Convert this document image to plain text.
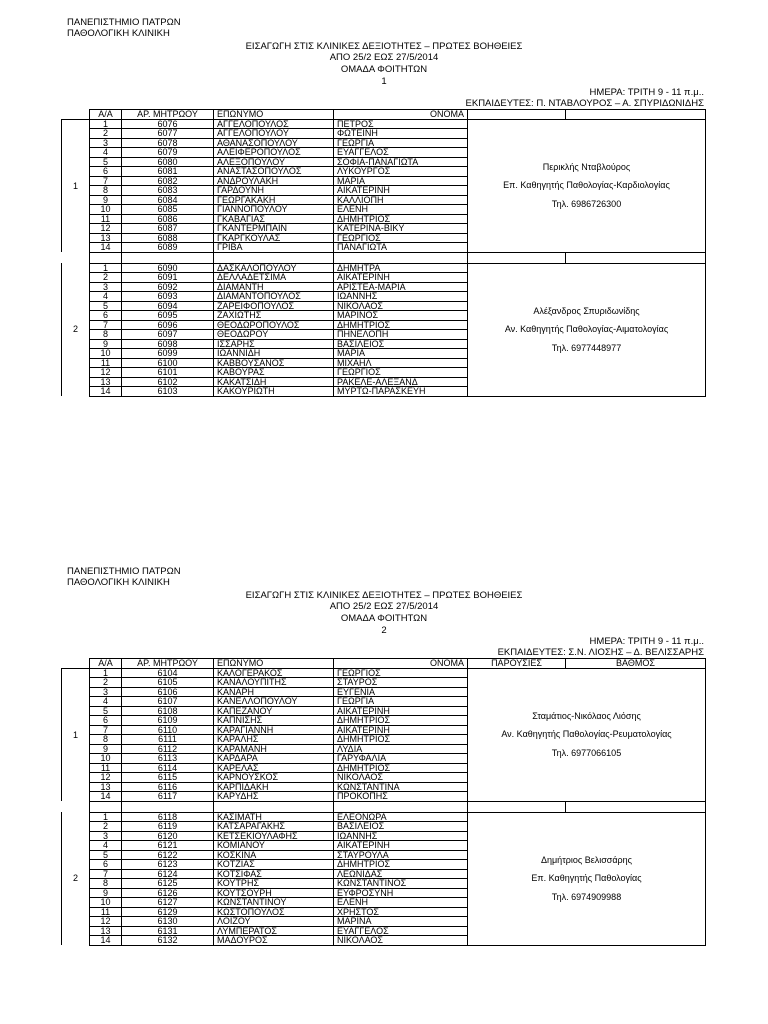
ΠΑΝΕΠΙΣΤΗΜΙΟ ΠΑΤΡΩΝ
ΠΑΘΟΛΟΓΙΚΗ ΚΛΙΝΙΚΗ
ΕΙΣΑΓΩΓΗ ΣΤΙΣ ΚΛΙΝΙΚΕΣ ΔΕΞΙΟΤΗΤΕΣ – ΠΡΩΤΕΣ ΒΟΗΘΕΙΕΣ
ΑΠΟ 25/2 ΕΩΣ 27/5/2014
ΟΜΑΔΑ ΦΟΙΤΗΤΩΝ
1
ΗΜΕΡΑ: ΤΡΙΤΗ 9 - 11 π.μ..
ΕΚΠΑΙΔΕΥΤΕΣ: Π. ΝΤΑΒΛΟΥΡΟΣ – Α. ΣΠΥΡΙΔΩΝΙΔΗΣ
	Α/Α	ΑΡ. ΜΗΤΡΩΟΥ	ΕΠΩΝΥΜΟ	ΟΝΟΜΑ		
1	1	6076	ΑΓΓΕΛΟΠΟΥΛΟΣ	ΠΕΤΡΟΣ	Περικλής Νταβλούρος

Επ. Καθηγητής Παθολογίας-Καρδιολογίας

Τηλ. 6986726300	

	2	6077	ΑΓΓΕΛΟΠΟΥΛΟΥ	ΦΩΤΕΙΝΗ		
	3	6078	ΑΘΑΝΑΣΟΠΟΥΛΟΥ	ΓΕΩΡΓΙΑ		
	4	6079	ΑΛΕΙΦΕΡΟΠΟΥΛΟΣ	ΕΥΑΓΓΕΛΟΣ		
	5	6080	ΑΛΕΞΟΠΟΥΛΟΥ	ΣΟΦΙΑ-ΠΑΝΑΓΙΩΤΑ		
	6	6081	ΑΝΑΣΤΑΣΟΠΟΥΛΟΣ	ΛΥΚΟΥΡΓΟΣ		
	7	6082	ΑΝΔΡΟΥΛΑΚΗ	ΜΑΡΙΑ		
	8	6083	ΓΑΡΔΟΥΝΗ	ΑΙΚΑΤΕΡΙΝΗ		
	9	6084	ΓΕΩΡΓΑΚΑΚΗ	ΚΑΛΛΙΟΠΗ		
	10	6085	ΓΙΑΝΝΟΠΟΥΛΟΥ	ΕΛΕΝΗ		
	11	6086	ΓΚΑΒΑΓΙΑΣ	ΔΗΜΗΤΡΙΟΣ		
	12	6087	ΓΚΑΝΤΕΡΜΠΑΙΝ	ΚΑΤΕΡΙΝΑ-ΒΙΚΥ		
	13	6088	ΓΚΑΡΓΚΟΥΛΑΣ	ΓΕΩΡΓΙΟΣ		
	14	6089	ΓΡΙΒΑ	ΠΑΝΑΓΙΩΤΑ		

2	1	6090	ΔΑΣΚΑΛΟΠΟΥΛΟΥ	ΔΗΜΗΤΡΑ	Αλέξανδρος Σπυριδωνίδης

Αν. Καθηγητής Παθολογίας-Αιματολογίας

Τηλ. 6977448977	

	2	6091	ΔΕΛΛΑΔΕΤΣΙΜΑ	ΑΙΚΑΤΕΡΙΝΗ		
	3	6092	ΔΙΑΜΑΝΤΗ	ΑΡΙΣΤΕΑ-ΜΑΡΙΑ		
	4	6093	ΔΙΑΜΑΝΤΟΠΟΥΛΟΣ	ΙΩΑΝΝΗΣ		
	5	6094	ΖΑΡΕΙΦΟΠΟΥΛΟΣ	ΝΙΚΟΛΑΟΣ		
	6	6095	ΖΑΧΙΩΤΗΣ	ΜΑΡΙΝΟΣ		
	7	6096	ΘΕΟΔΩΡΟΠΟΥΛΟΣ	ΔΗΜΗΤΡΙΟΣ		
	8	6097	ΘΕΟΔΩΡΟΥ	ΠΗΝΕΛΟΠΗ		
	9	6098	ΙΣΣΑΡΗΣ	ΒΑΣΙΛΕΙΟΣ		
	10	6099	ΙΩΑΝΝΙΔΗ	ΜΑΡΙΑ		
	11	6100	ΚΑΒΒΟΥΣΑΝΟΣ	ΜΙΧΑΗΛ		
	12	6101	ΚΑΒΟΥΡΑΣ	ΓΕΩΡΓΙΟΣ		
	13	6102	ΚΑΚΑΤΣΙΔΗ	ΡΑΚΕΛΕ-ΑΛΕΞΑΝΔ		
	14	6103	ΚΑΚΟΥΡΙΩΤΗ	ΜΥΡΤΩ-ΠΑΡΑΣΚΕΥΗ		
ΠΑΝΕΠΙΣΤΗΜΙΟ ΠΑΤΡΩΝ
ΠΑΘΟΛΟΓΙΚΗ ΚΛΙΝΙΚΗ
ΕΙΣΑΓΩΓΗ ΣΤΙΣ ΚΛΙΝΙΚΕΣ ΔΕΞΙΟΤΗΤΕΣ – ΠΡΩΤΕΣ ΒΟΗΘΕΙΕΣ
ΑΠΟ 25/2 ΕΩΣ 27/5/2014
ΟΜΑΔΑ ΦΟΙΤΗΤΩΝ
2
ΗΜΕΡΑ: ΤΡΙΤΗ 9 - 11 π.μ..
ΕΚΠΑΙΔΕΥΤΕΣ: Σ.Ν. ΛΙΟΣΗΣ – Δ. ΒΕΛΙΣΣΑΡΗΣ
	Α/Α	ΑΡ. ΜΗΤΡΩΟΥ	ΕΠΩΝΥΜΟ	ΟΝΟΜΑ	ΠΑΡΟΥΣΙΕΣ	ΒΑΘΜΟΣ
1	1	6104	ΚΑΛΟΓΕΡΑΚΟΣ	ΓΕΩΡΓΙΟΣ	Σταμάτιος-Νικόλαος Λιόσης

Αν. Καθηγητής Παθολογίας-Ρευματολογίας

Τηλ. 6977066105	

	2	6105	ΚΑΝΑΛΟΥΠΙΤΗΣ	ΣΤΑΥΡΟΣ		
	3	6106	ΚΑΝΑΡΗ	ΕΥΓΕΝΙΑ		
	4	6107	ΚΑΝΕΛΛΟΠΟΥΛΟΥ	ΓΕΩΡΓΙΑ		
	5	6108	ΚΑΠΕΖΑΝΟΥ	ΑΙΚΑΤΕΡΙΝΗ		
	6	6109	ΚΑΠΝΙΣΗΣ	ΔΗΜΗΤΡΙΟΣ		
	7	6110	ΚΑΡΑΓΙΑΝΝΗ	ΑΙΚΑΤΕΡΙΝΗ		
	8	6111	ΚΑΡΑΛΗΣ	ΔΗΜΗΤΡΙΟΣ		
	9	6112	ΚΑΡΑΜΑΝΗ	ΛΥΔΙΑ		
	10	6113	ΚΑΡΔΑΡΑ	ΓΑΡΥΦΑΛΙΑ		
	11	6114	ΚΑΡΕΛΑΣ	ΔΗΜΗΤΡΙΟΣ		
	12	6115	ΚΑΡΝΟΥΣΚΟΣ	ΝΙΚΟΛΑΟΣ		
	13	6116	ΚΑΡΠΙΔΑΚΗ	ΚΩΝΣΤΑΝΤΙΝΑ		
	14	6117	ΚΑΡΥΔΗΣ	ΠΡΟΚΟΠΗΣ		

2	1	6118	ΚΑΣΙΜΑΤΗ	ΕΛΕΟΝΩΡΑ	Δημήτριος Βελισσάρης

Επ. Καθηγητής Παθολογίας

Τηλ. 6974909988	

	2	6119	ΚΑΤΣΑΡΑΓΑΚΗΣ	ΒΑΣΙΛΕΙΟΣ		
	3	6120	ΚΕΤΣΕΚΙΟΥΛΑΦΗΣ	ΙΩΑΝΝΗΣ		
	4	6121	ΚΟΜΙΑΝΟΥ	ΑΙΚΑΤΕΡΙΝΗ		
	5	6122	ΚΟΣΚΙΝΑ	ΣΤΑΥΡΟΥΛΑ		
	6	6123	ΚΟΤΖΙΑΣ	ΔΗΜΗΤΡΙΟΣ		
	7	6124	ΚΟΤΣΙΦΑΣ	ΛΕΩΝΙΔΑΣ		
	8	6125	ΚΟΥΤΡΗΣ	ΚΩΝΣΤΑΝΤΙΝΟΣ		
	9	6126	ΚΟΥΤΣΟΥΡΗ	ΕΥΦΡΟΣΥΝΗ		
	10	6127	ΚΩΝΣΤΑΝΤΙΝΟΥ	ΕΛΕΝΗ		
	11	6129	ΚΩΣΤΟΠΟΥΛΟΣ	ΧΡΗΣΤΟΣ		
	12	6130	ΛΟΙΖΟΥ	ΜΑΡΙΝΑ		
	13	6131	ΛΥΜΠΕΡΑΤΟΣ	ΕΥΑΓΓΕΛΟΣ		
	14	6132	ΜΑΔΟΥΡΟΣ	ΝΙΚΟΛΑΟΣ		
